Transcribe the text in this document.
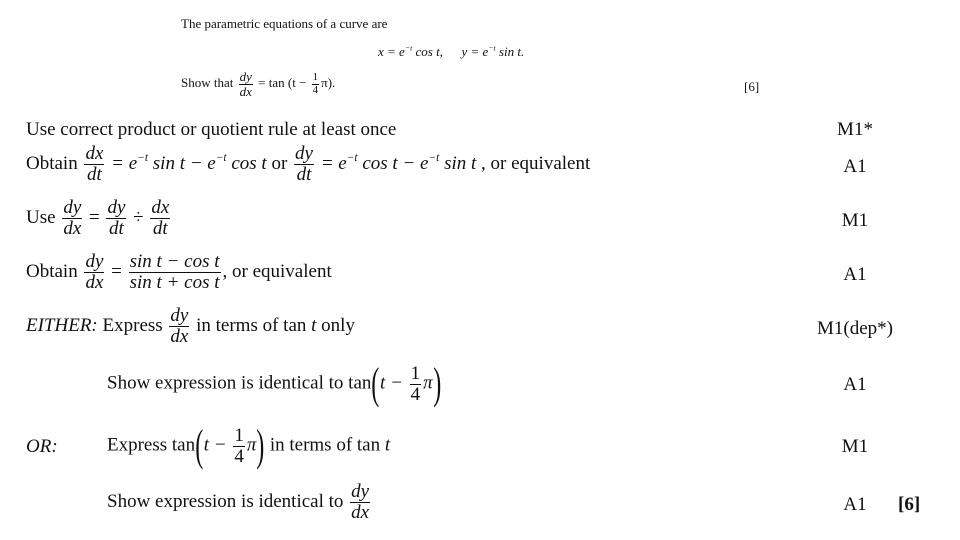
The parametric equations of a curve are
$x = e^{-t}$ cos t, $y = e^{-t}$ sin t.
Show that $\frac{dy}{dx} = \tan (t - \frac{1}{4} \pi)$.	[6]
Use correct product or quotient rule at least once	M1*
Obtain $\frac{dx}{dt} = e^{-t}$ $\sin t - e^{-t}$ cos t or $\frac{dy}{dt} = e^{-t}$ $\cos t - e^{-t}$ sin t , or equivalent	A1
Use $\frac{dy}{dx} = \frac{dy}{dt} \div \frac{dx}{dt}$	M1
Obtain $\frac{dy}{dx} = \frac{\text{sin t − cos t}}{\text{sin t + cos t}}$ , or equivalent	A1
EITHER: Express $\frac{dy}{dx}$ in terms of tan t only	M1(dep*)
Show expression is identical to $\tan(t - \frac{1}{4} \pi)$	A1
OR:	Express $\tan(t - \frac{1}{4} \pi)$ in terms of tan t	M1
Show expression is identical to $\frac{dy}{dx}$	A1	[6]
